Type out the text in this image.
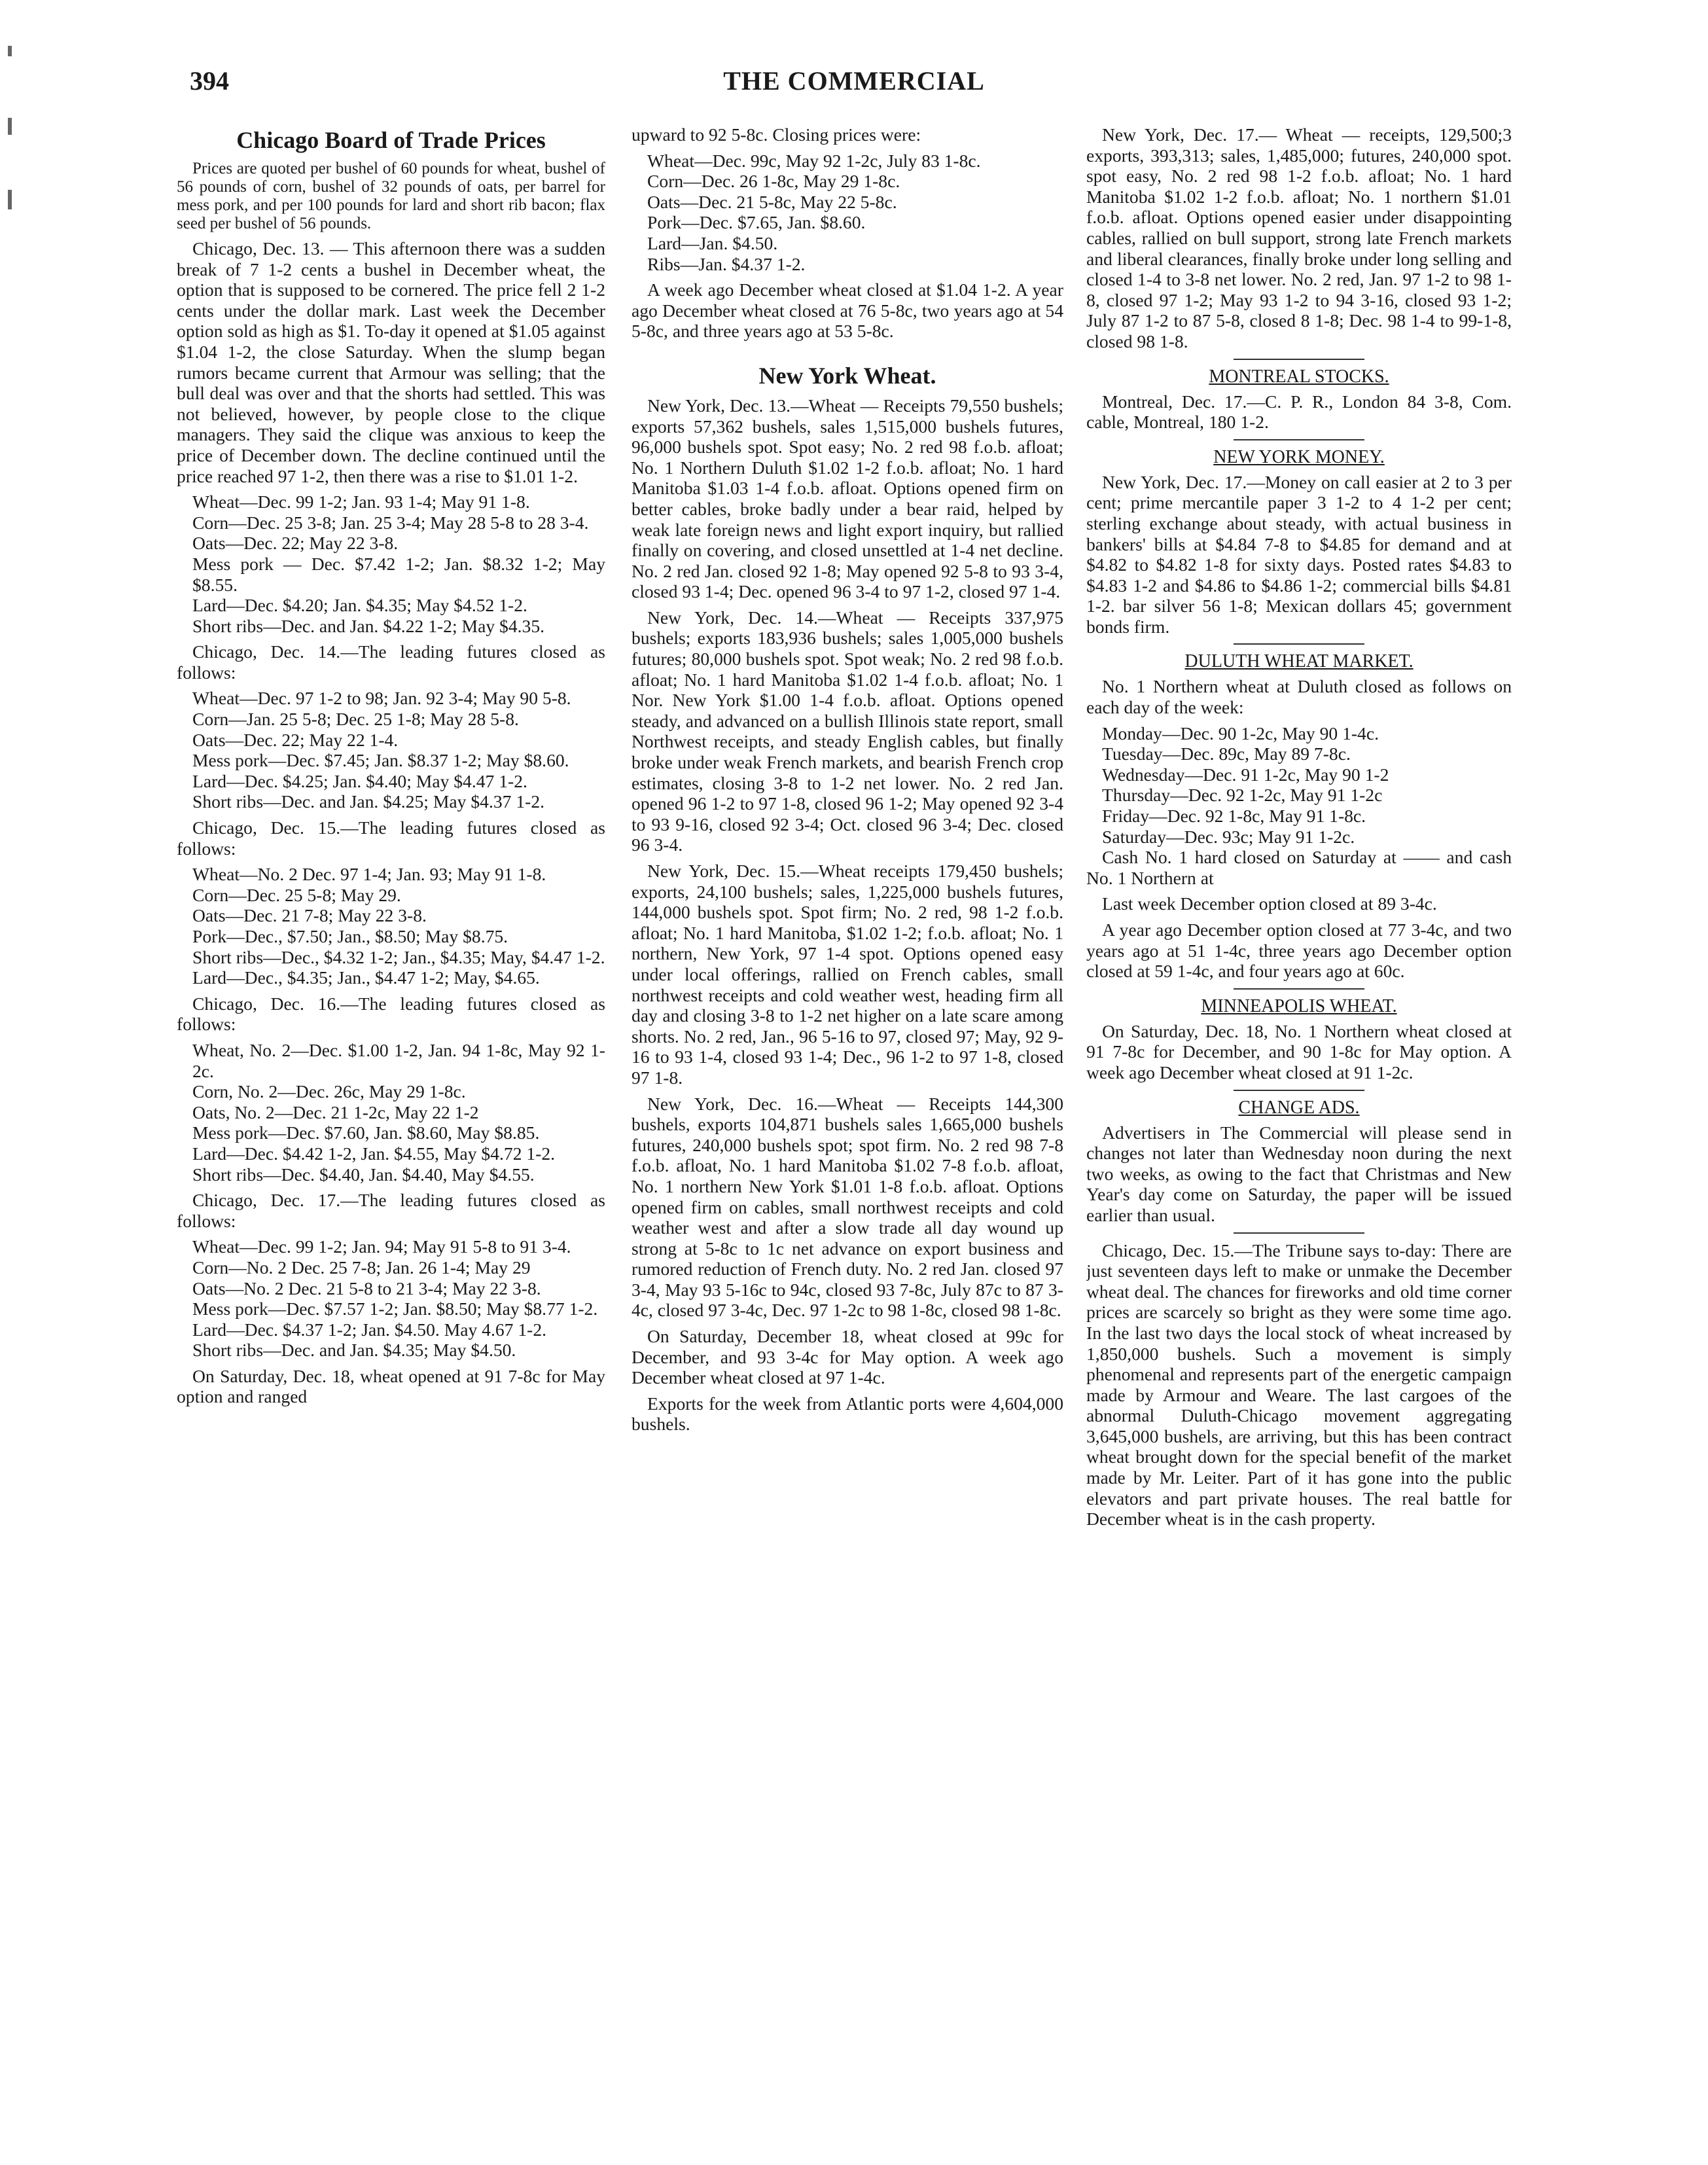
THE COMMERCIAL
394
Chicago Board of Trade Prices

Prices are quoted per bushel of 60 pounds for wheat, bushel of 56 pounds of corn, bushel of 32 pounds of oats, per barrel for mess pork, and per 100 pounds for lard and short rib bacon; flax seed per bushel of 56 pounds.

Chicago, Dec. 13. — This afternoon there was a sudden break of 7 1-2 cents a bushel in December wheat, the option that is supposed to be cornered. The price fell 2 1-2 cents under the dollar mark. Last week the December option sold as high as $1. To-day it opened at $1.05 against $1.04 1-2, the close Saturday. When the slump began rumors became current that Armour was selling; that the bull deal was over and that the shorts had settled. This was not believed, however, by people close to the clique managers. They said the clique was anxious to keep the price of December down. The decline continued until the price reached 97 1-2, then there was a rise to $1.01 1-2.

Wheat—Dec. 99 1-2; Jan. 93 1-4; May 91 1-8.

Corn—Dec. 25 3-8; Jan. 25 3-4; May 28 5-8 to 28 3-4.

Oats—Dec. 22; May 22 3-8.

Mess pork — Dec. $7.42 1-2; Jan. $8.32 1-2; May $8.55.

Lard—Dec. $4.20; Jan. $4.35; May $4.52 1-2.

Short ribs—Dec. and Jan. $4.22 1-2; May $4.35.

Chicago, Dec. 14.—The leading futures closed as follows:

Wheat—Dec. 97 1-2 to 98; Jan. 92 3-4; May 90 5-8.

Corn—Jan. 25 5-8; Dec. 25 1-8; May 28 5-8.

Oats—Dec. 22; May 22 1-4.

Mess pork—Dec. $7.45; Jan. $8.37 1-2; May $8.60.

Lard—Dec. $4.25; Jan. $4.40; May $4.47 1-2.

Short ribs—Dec. and Jan. $4.25; May $4.37 1-2.

Chicago, Dec. 15.—The leading futures closed as follows:

Wheat—No. 2 Dec. 97 1-4; Jan. 93; May 91 1-8.

Corn—Dec. 25 5-8; May 29.

Oats—Dec. 21 7-8; May 22 3-8.

Pork—Dec., $7.50; Jan., $8.50; May $8.75.

Short ribs—Dec., $4.32 1-2; Jan., $4.35; May, $4.47 1-2.

Lard—Dec., $4.35; Jan., $4.47 1-2; May, $4.65.

Chicago, Dec. 16.—The leading futures closed as follows:

Wheat, No. 2—Dec. $1.00 1-2, Jan. 94 1-8c, May 92 1-2c.

Corn, No. 2—Dec. 26c, May 29 1-8c.

Oats, No. 2—Dec. 21 1-2c, May 22 1-2

Mess pork—Dec. $7.60, Jan. $8.60, May $8.85.

Lard—Dec. $4.42 1-2, Jan. $4.55, May $4.72 1-2.

Short ribs—Dec. $4.40, Jan. $4.40, May $4.55.

Chicago, Dec. 17.—The leading futures closed as follows:

Wheat—Dec. 99 1-2; Jan. 94; May 91 5-8 to 91 3-4.

Corn—No. 2 Dec. 25 7-8; Jan. 26 1-4; May 29

Oats—No. 2 Dec. 21 5-8 to 21 3-4; May 22 3-8.

Mess pork—Dec. $7.57 1-2; Jan. $8.50; May $8.77 1-2.

Lard—Dec. $4.37 1-2; Jan. $4.50. May 4.67 1-2.

Short ribs—Dec. and Jan. $4.35; May $4.50.

On Saturday, Dec. 18, wheat opened at 91 7-8c for May option and ranged

upward to 92 5-8c. Closing prices were:

Wheat—Dec. 99c, May 92 1-2c, July 83 1-8c.

Corn—Dec. 26 1-8c, May 29 1-8c.

Oats—Dec. 21 5-8c, May 22 5-8c.

Pork—Dec. $7.65, Jan. $8.60.

Lard—Jan. $4.50.

Ribs—Jan. $4.37 1-2.

A week ago December wheat closed at $1.04 1-2. A year ago December wheat closed at 76 5-8c, two years ago at 54 5-8c, and three years ago at 53 5-8c.

New York Wheat.

New York, Dec. 13.—Wheat — Receipts 79,550 bushels; exports 57,362 bushels, sales 1,515,000 bushels futures, 96,000 bushels spot. Spot easy; No. 2 red 98 f.o.b. afloat; No. 1 Northern Duluth $1.02 1-2 f.o.b. afloat; No. 1 hard Manitoba $1.03 1-4 f.o.b. afloat. Options opened firm on better cables, broke badly under a bear raid, helped by weak late foreign news and light export inquiry, but rallied finally on covering, and closed unsettled at 1-4 net decline. No. 2 red Jan. closed 92 1-8; May opened 92 5-8 to 93 3-4, closed 93 1-4; Dec. opened 96 3-4 to 97 1-2, closed 97 1-4.

New York, Dec. 14.—Wheat — Receipts 337,975 bushels; exports 183,936 bushels; sales 1,005,000 bushels futures; 80,000 bushels spot. Spot weak; No. 2 red 98 f.o.b. afloat; No. 1 hard Manitoba $1.02 1-4 f.o.b. afloat; No. 1 Nor. New York $1.00 1-4 f.o.b. afloat. Options opened steady, and advanced on a bullish Illinois state report, small Northwest receipts, and steady English cables, but finally broke under weak French markets, and bearish French crop estimates, closing 3-8 to 1-2 net lower. No. 2 red Jan. opened 96 1-2 to 97 1-8, closed 96 1-2; May opened 92 3-4 to 93 9-16, closed 92 3-4; Oct. closed 96 3-4; Dec. closed 96 3-4.

New York, Dec. 15.—Wheat receipts 179,450 bushels; exports, 24,100 bushels; sales, 1,225,000 bushels futures, 144,000 bushels spot. Spot firm; No. 2 red, 98 1-2 f.o.b. afloat; No. 1 hard Manitoba, $1.02 1-2; f.o.b. afloat; No. 1 northern, New York, 97 1-4 spot. Options opened easy under local offerings, rallied on French cables, small northwest receipts and cold weather west, heading firm all day and closing 3-8 to 1-2 net higher on a late scare among shorts. No. 2 red, Jan., 96 5-16 to 97, closed 97; May, 92 9-16 to 93 1-4, closed 93 1-4; Dec., 96 1-2 to 97 1-8, closed 97 1-8.

New York, Dec. 16.—Wheat — Receipts 144,300 bushels, exports 104,871 bushels sales 1,665,000 bushels futures, 240,000 bushels spot; spot firm. No. 2 red 98 7-8 f.o.b. afloat, No. 1 hard Manitoba $1.02 7-8 f.o.b. afloat, No. 1 northern New York $1.01 1-8 f.o.b. afloat. Options opened firm on cables, small northwest receipts and cold weather west and after a slow trade all day wound up strong at 5-8c to 1c net advance on export business and rumored reduction of French duty. No. 2 red Jan. closed 97 3-4, May 93 5-16c to 94c, closed 93 7-8c, July 87c to 87 3-4c, closed 97 3-4c, Dec. 97 1-2c to 98 1-8c, closed 98 1-8c.

On Saturday, December 18, wheat closed at 99c for December, and 93 3-4c for May option. A week ago December wheat closed at 97 1-4c.

Exports for the week from Atlantic ports were 4,604,000 bushels.

New York, Dec. 17.— Wheat — receipts, 129,500;3 exports, 393,313; sales, 1,485,000; futures, 240,000 spot. spot easy, No. 2 red 98 1-2 f.o.b. afloat; No. 1 hard Manitoba $1.02 1-2 f.o.b. afloat; No. 1 northern $1.01 f.o.b. afloat. Options opened easier under disappointing cables, rallied on bull support, strong late French markets and liberal clearances, finally broke under long selling and closed 1-4 to 3-8 net lower. No. 2 red, Jan. 97 1-2 to 98 1-8, closed 97 1-2; May 93 1-2 to 94 3-16, closed 93 1-2; July 87 1-2 to 87 5-8, closed 8 1-8; Dec. 98 1-4 to 99-1-8, closed 98 1-8.

MONTREAL STOCKS.

Montreal, Dec. 17.—C. P. R., London 84 3-8, Com. cable, Montreal, 180 1-2.

NEW YORK MONEY.

New York, Dec. 17.—Money on call easier at 2 to 3 per cent; prime mercantile paper 3 1-2 to 4 1-2 per cent; sterling exchange about steady, with actual business in bankers' bills at $4.84 7-8 to $4.85 for demand and at $4.82 to $4.82 1-8 for sixty days. Posted rates $4.83 to $4.83 1-2 and $4.86 to $4.86 1-2; commercial bills $4.81 1-2. bar silver 56 1-8; Mexican dollars 45; government bonds firm.

DULUTH WHEAT MARKET.

No. 1 Northern wheat at Duluth closed as follows on each day of the week:

Monday—Dec. 90 1-2c, May 90 1-4c.

Tuesday—Dec. 89c, May 89 7-8c.

Wednesday—Dec. 91 1-2c, May 90 1-2

Thursday—Dec. 92 1-2c, May 91 1-2c

Friday—Dec. 92 1-8c, May 91 1-8c.

Saturday—Dec. 93c; May 91 1-2c.

Cash No. 1 hard closed on Saturday at —— and cash No. 1 Northern at

Last week December option closed at 89 3-4c.

A year ago December option closed at 77 3-4c, and two years ago at 51 1-4c, three years ago December option closed at 59 1-4c, and four years ago at 60c.

MINNEAPOLIS WHEAT.

On Saturday, Dec. 18, No. 1 Northern wheat closed at 91 7-8c for December, and 90 1-8c for May option. A week ago December wheat closed at 91 1-2c.

CHANGE ADS.

Advertisers in The Commercial will please send in changes not later than Wednesday noon during the next two weeks, as owing to the fact that Christmas and New Year's day come on Saturday, the paper will be issued earlier than usual.

Chicago, Dec. 15.—The Tribune says to-day: There are just seventeen days left to make or unmake the December wheat deal. The chances for fireworks and old time corner prices are scarcely so bright as they were some time ago. In the last two days the local stock of wheat increased by 1,850,000 bushels. Such a movement is simply phenomenal and represents part of the energetic campaign made by Armour and Weare. The last cargoes of the abnormal Duluth-Chicago movement aggregating 3,645,000 bushels, are arriving, but this has been contract wheat brought down for the special benefit of the market made by Mr. Leiter. Part of it has gone into the public elevators and part private houses. The real battle for December wheat is in the cash property.
